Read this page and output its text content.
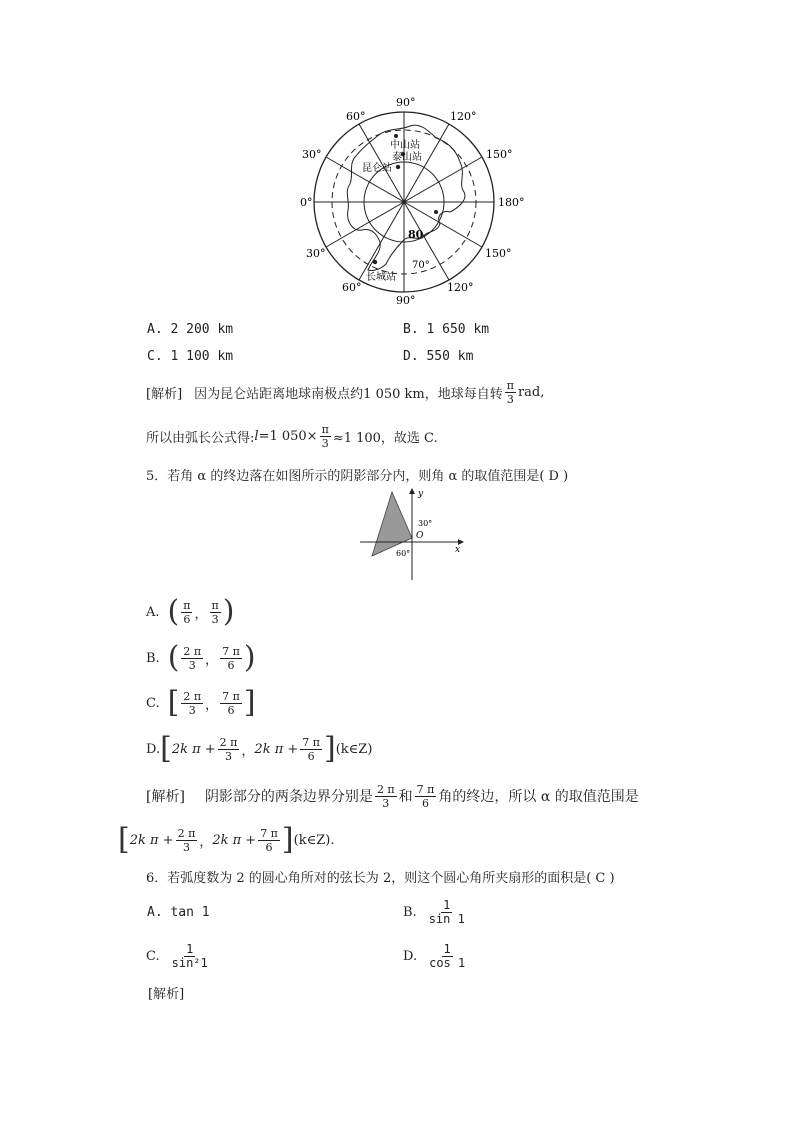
90°
90°
60°
30°
0°
30°
60°
120°
150°
180°
150°
120°
80
70°
中山站
泰山站
昆仑站
长城站
A. 2 200 km	B. 1 650 km
C. 1 100 km	D. 550 km
[解析] 因为昆仑站距离地球南极点约 1 050 km，地球每自转 $\frac{\pi}{3}$ rad,
所以由弧长公式得: l =1 $050\times \frac{\pi}{3} \approx 1$ 100，故选 C.
5．若角 α 的终边落在如图所示的阴影部分内，则角 α 的取值范围是( D )
y
x
O
30°
60°
A. ( $\frac{\pi}{6}$ ， $\frac{\pi}{3}$ )
B. ( $\frac{2 \pi}{3}$ ， $\frac{7 \pi}{6}$ )
C. [ $\frac{2 \pi}{3}$ ， $\frac{7 \pi}{6}$ ]
D. [ 2k $\pi + \frac{2 \pi}{3}$ ， 2k $\pi + \frac{7 \pi}{6}$ ] (k∈Z)
[解析] 阴影部分的两条边界分别是 $\frac{2 \pi}{3}$ 和 $\frac{7 \pi}{6}$ 角的终边，所以 α 的取值范围是
[ 2k $\pi + \frac{2 \pi}{3}$ ， 2k $\pi + \frac{7 \pi}{6}$ ] (k∈Z).
6．若弧度数为 2 的圆心角所对的弦长为 2，则这个圆心角所夹扇形的面积是( C )
A. tan 1	B. $\frac{1}{\sin 1}$
C. $\frac{1}{\text{sin²1}}$	D. $\frac{1}{\cos 1}$
[解析]
